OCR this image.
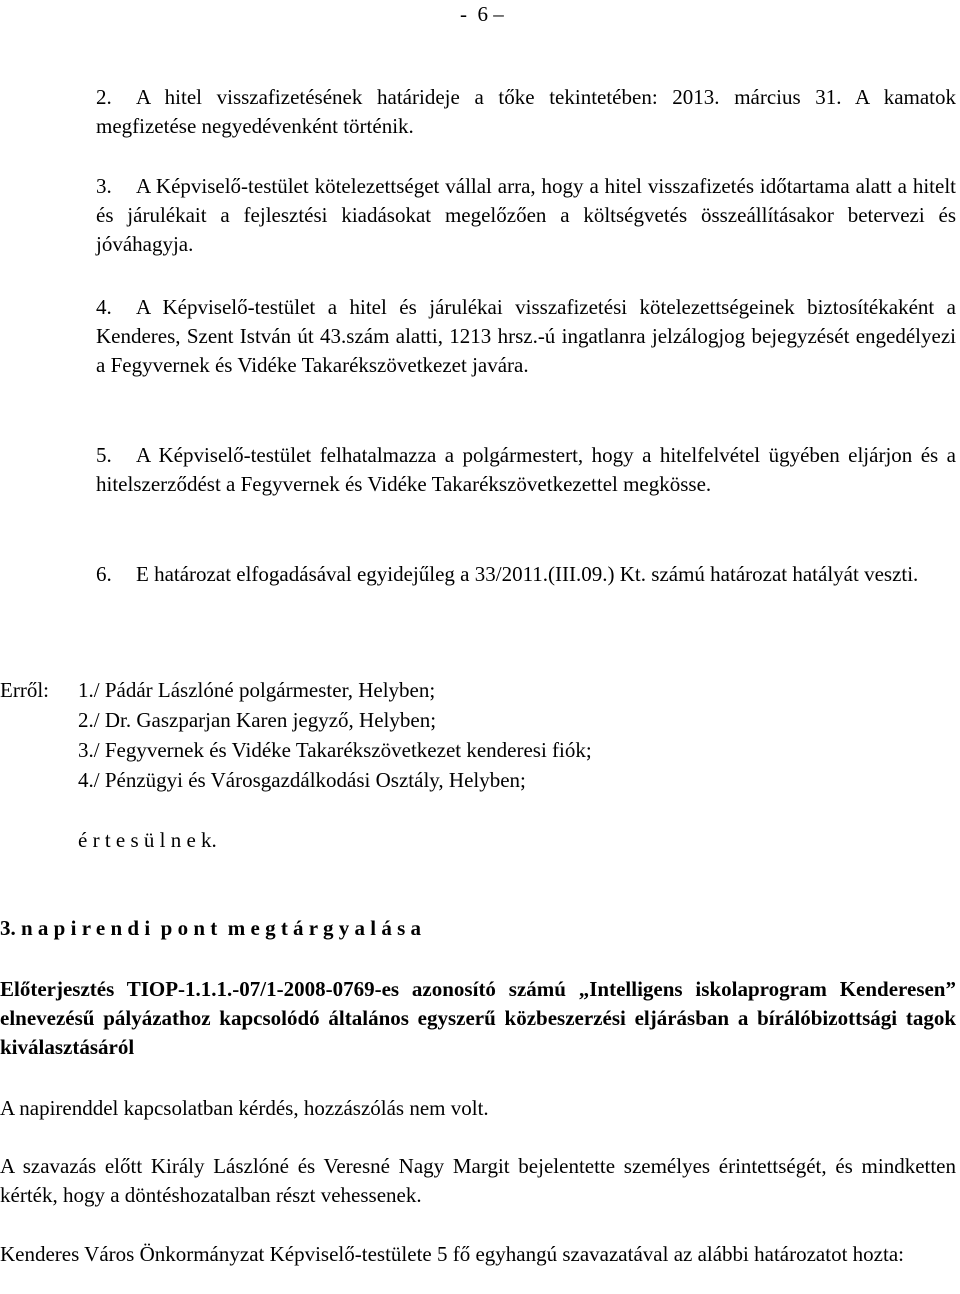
-  6 –
2. A hitel visszafizetésének határideje a tőke tekintetében: 2013. március 31. A kamatok megfizetése negyedévenként történik.
3. A Képviselő-testület kötelezettséget vállal arra, hogy a hitel visszafizetés időtartama alatt a hitelt és járulékait a fejlesztési kiadásokat megelőzően a költségvetés összeállításakor betervezi és jóváhagyja.
4. A Képviselő-testület a hitel és járulékai visszafizetési kötelezettségeinek biztosítékaként a Kenderes, Szent István út 43.szám alatti, 1213 hrsz.-ú ingatlanra jelzálogjog bejegyzését engedélyezi a Fegyvernek és Vidéke Takarékszövetkezet javára.
5. A Képviselő-testület felhatalmazza a polgármestert, hogy a hitelfelvétel ügyében eljárjon és a hitelszerződést a Fegyvernek és Vidéke Takarékszövetkezettel megkösse.
6. E határozat elfogadásával egyidejűleg a 33/2011.(III.09.) Kt. számú határozat hatályát veszti.
Erről: 1./ Pádár Lászlóné polgármester, Helyben;
2./ Dr. Gaszparjan Karen jegyző, Helyben;
3./ Fegyvernek és Vidéke Takarékszövetkezet kenderesi fiók;
4./ Pénzügyi és Városgazdálkodási Osztály, Helyben;
é r t e s ü l n e k.
3. n a p i r e n d i  p o n t  m e g t á r g y a l á s a
Előterjesztés TIOP-1.1.1.-07/1-2008-0769-es azonosító számú „Intelligens iskolaprogram Kenderesen” elnevezésű pályázathoz kapcsolódó általános egyszerű közbeszerzési eljárásban a bírálóbizottsági tagok kiválasztásáról
A napirenddel kapcsolatban kérdés, hozzászólás nem volt.
A szavazás előtt Király Lászlóné és Veresné Nagy Margit bejelentette személyes érintettségét, és mindketten kérték, hogy a döntéshozatalban részt vehessenek.
Kenderes Város Önkormányzat Képviselő-testülete 5 fő egyhangú szavazatával az alábbi határozatot hozta:
